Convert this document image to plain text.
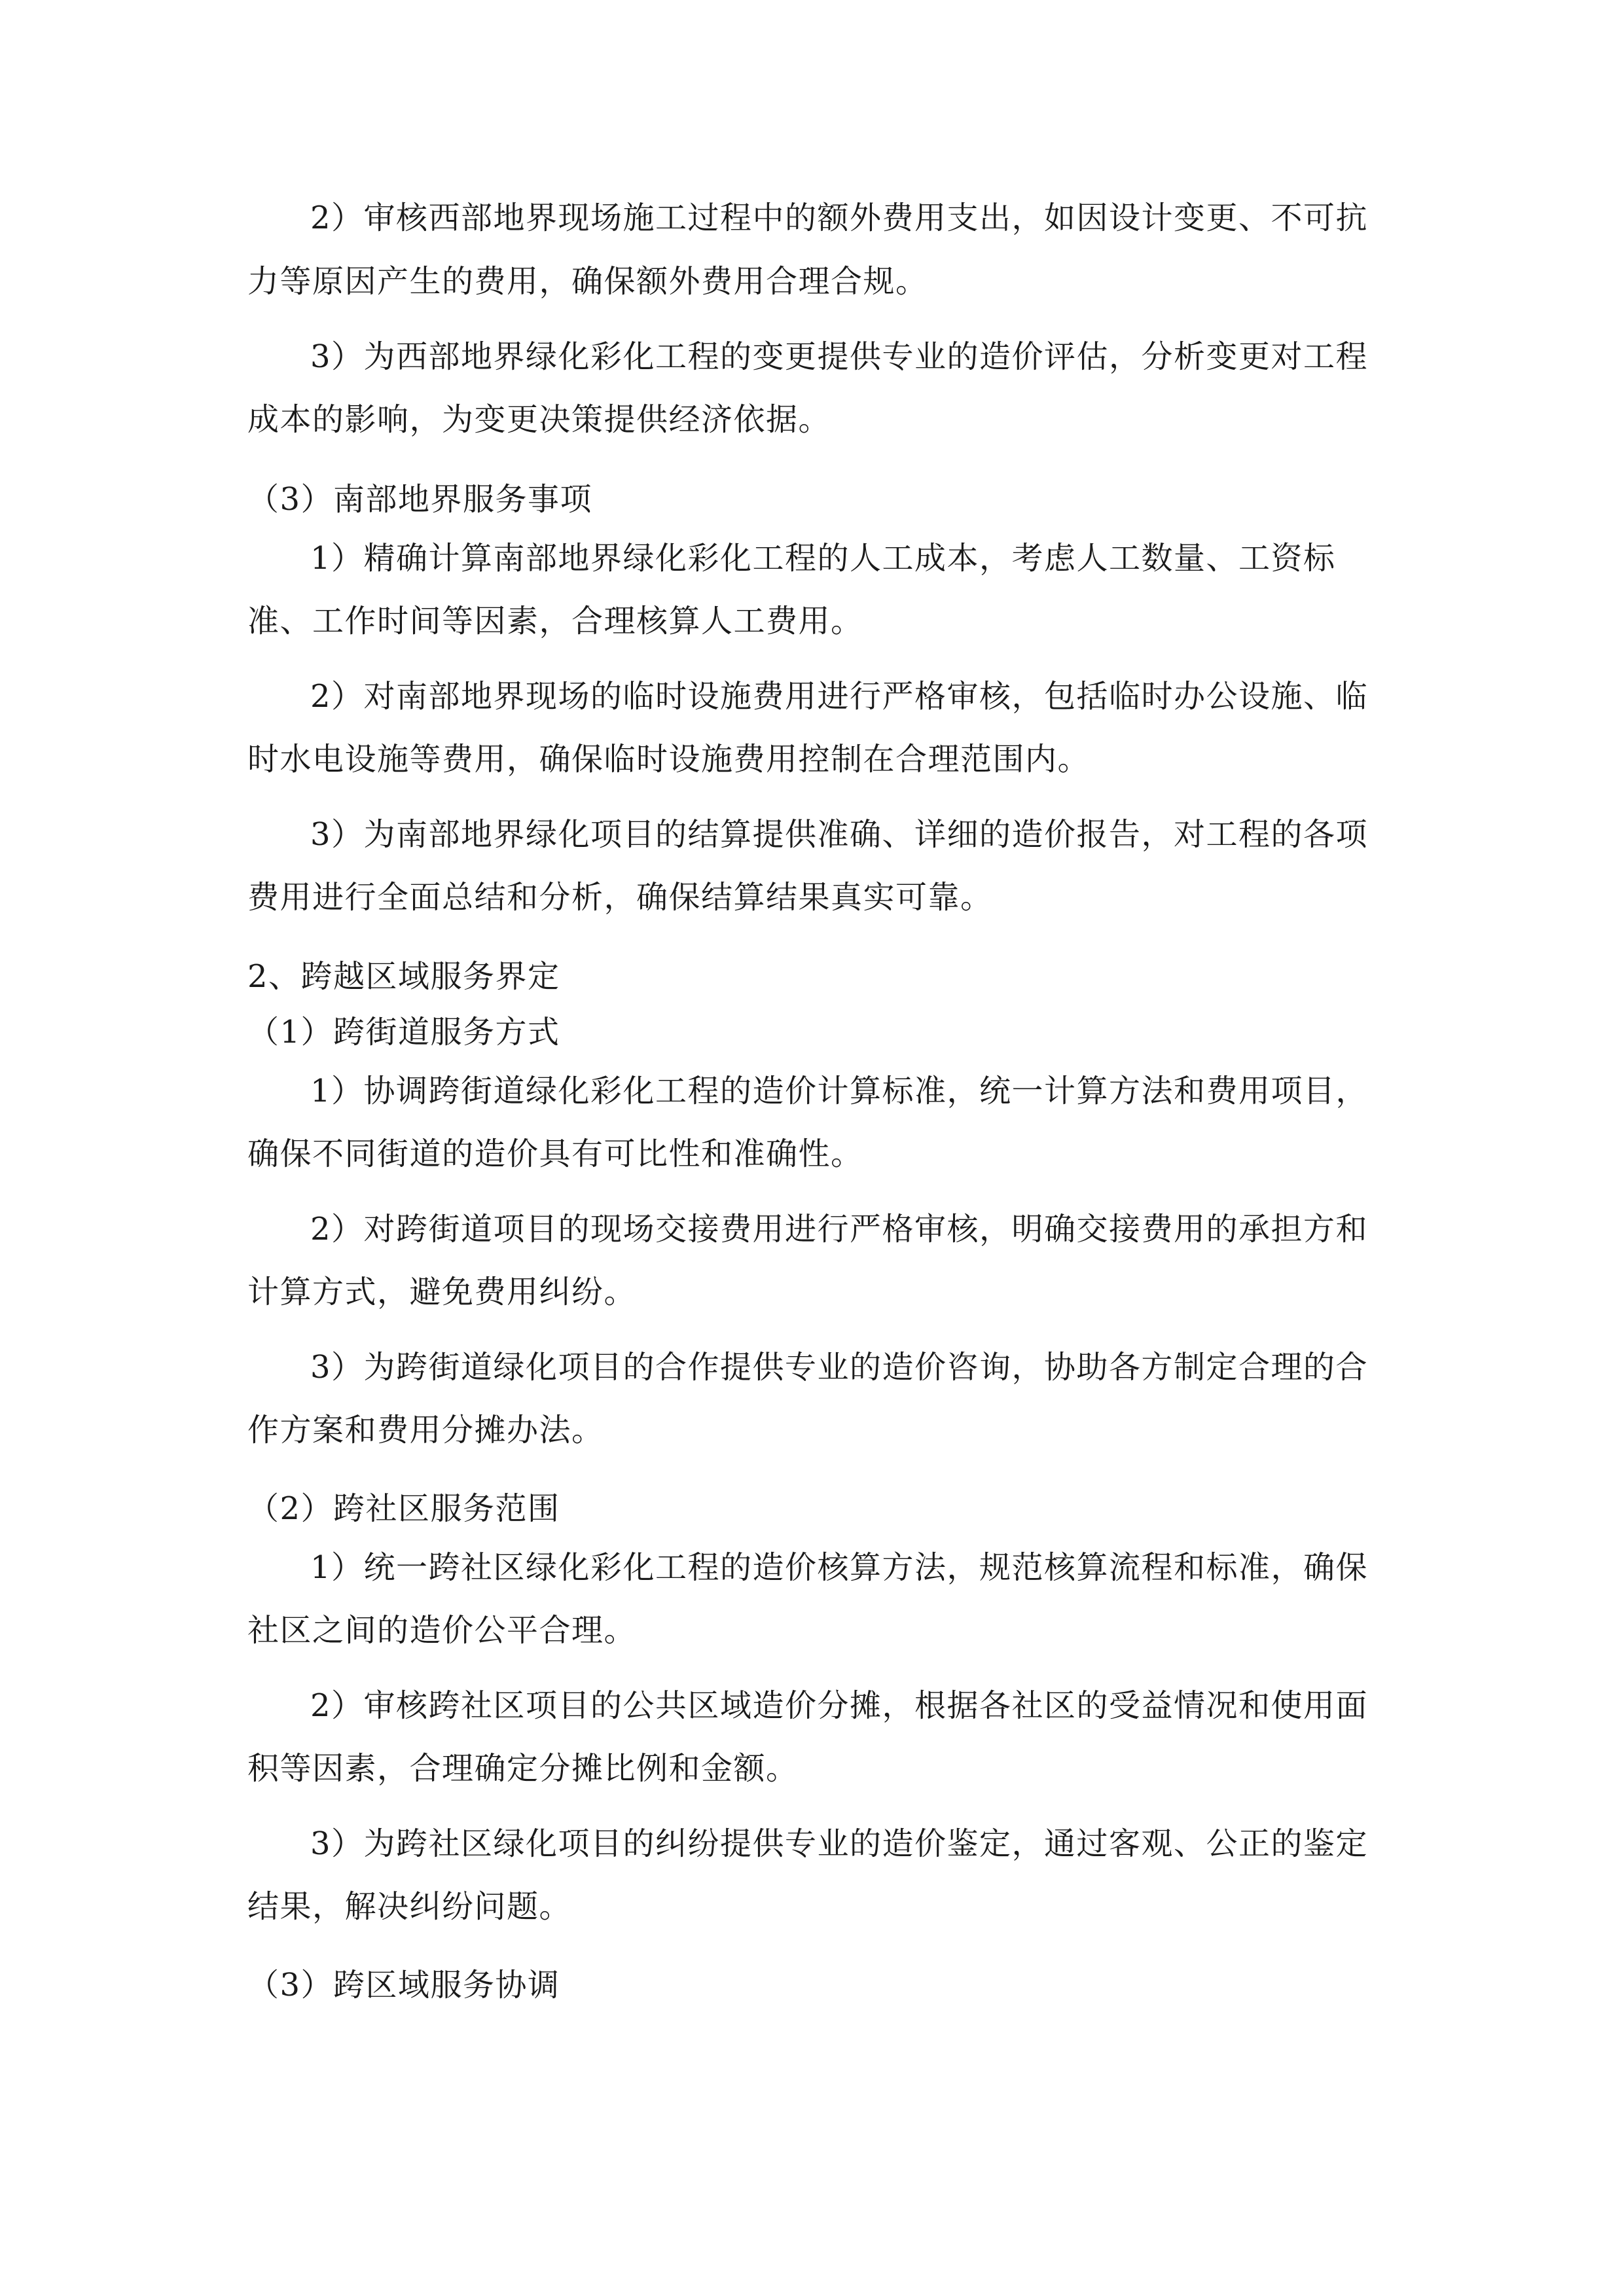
2）审核西部地界现场施工过程中的额外费用支出，如因设计变更、不可抗
力等原因产生的费用，确保额外费用合理合规。
3）为西部地界绿化彩化工程的变更提供专业的造价评估，分析变更对工程
成本的影响，为变更决策提供经济依据。
（3）南部地界服务事项
1）精确计算南部地界绿化彩化工程的人工成本，考虑人工数量、工资标
准、工作时间等因素，合理核算人工费用。
2）对南部地界现场的临时设施费用进行严格审核，包括临时办公设施、临
时水电设施等费用，确保临时设施费用控制在合理范围内。
3）为南部地界绿化项目的结算提供准确、详细的造价报告，对工程的各项
费用进行全面总结和分析，确保结算结果真实可靠。
2、跨越区域服务界定
（1）跨街道服务方式
1）协调跨街道绿化彩化工程的造价计算标准，统一计算方法和费用项目，
确保不同街道的造价具有可比性和准确性。
2）对跨街道项目的现场交接费用进行严格审核，明确交接费用的承担方和
计算方式，避免费用纠纷。
3）为跨街道绿化项目的合作提供专业的造价咨询，协助各方制定合理的合
作方案和费用分摊办法。
（2）跨社区服务范围
1）统一跨社区绿化彩化工程的造价核算方法，规范核算流程和标准，确保
社区之间的造价公平合理。
2）审核跨社区项目的公共区域造价分摊，根据各社区的受益情况和使用面
积等因素，合理确定分摊比例和金额。
3）为跨社区绿化项目的纠纷提供专业的造价鉴定，通过客观、公正的鉴定
结果，解决纠纷问题。
（3）跨区域服务协调
